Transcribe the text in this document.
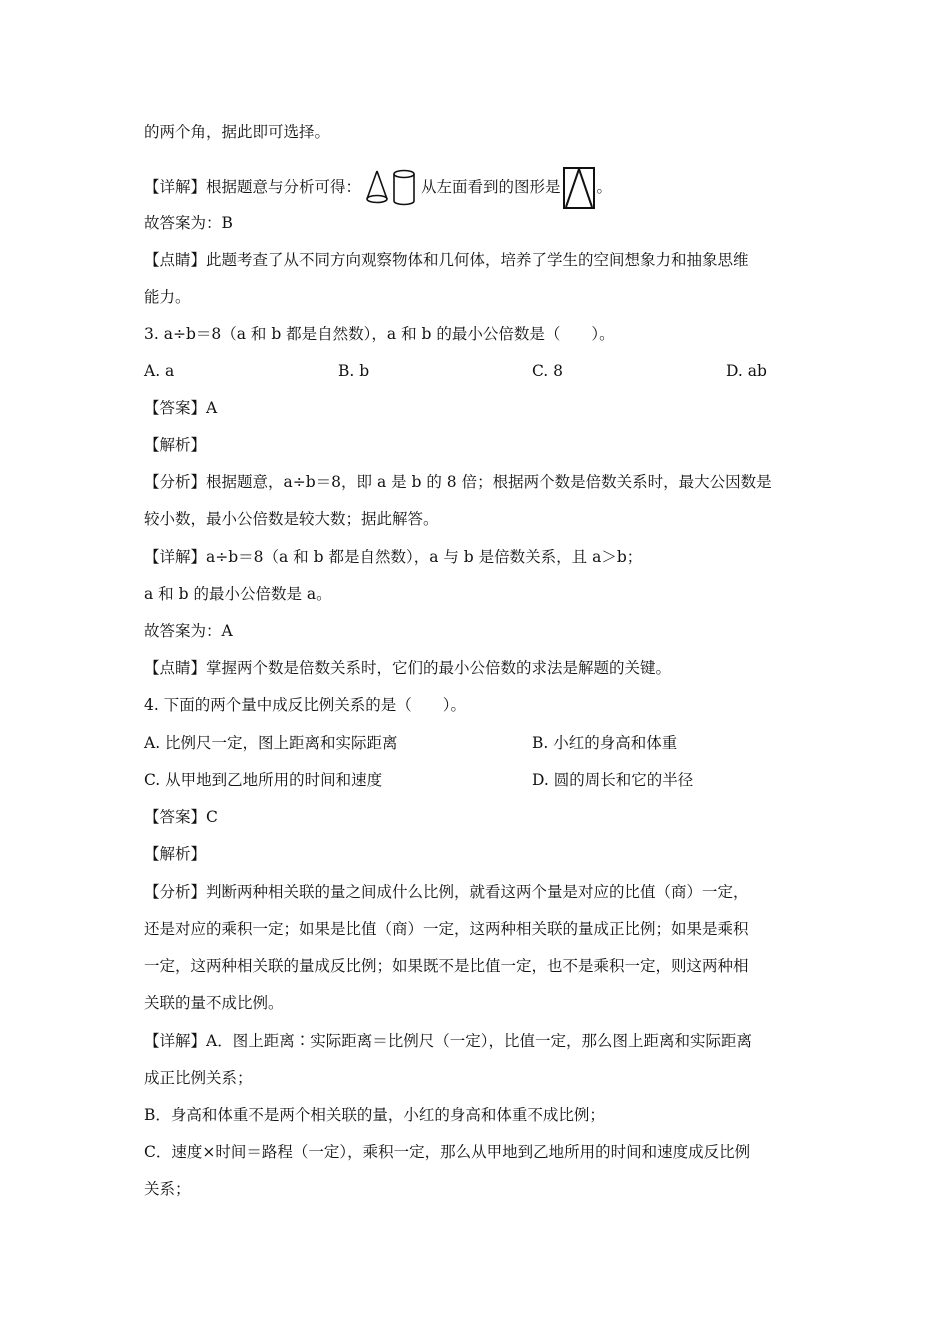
的两个角，据此即可选择。
【详解】根据题意与分析可得：	从左面看到的图形是 。
故答案为：B
【点睛】此题考查了从不同方向观察物体和几何体，培养了学生的空间想象力和抽象思维
能力。
3. a÷b＝8（a 和 b 都是自然数），a 和 b 的最小公倍数是（　　）。
A. a	B. b	C. 8	D. ab
【答案】A
【解析】
【分析】根据题意，a÷b＝8，即 a 是 b 的 8 倍；根据两个数是倍数关系时，最大公因数是
较小数，最小公倍数是较大数；据此解答。
【详解】a÷b＝8（a 和 b 都是自然数），a 与 b 是倍数关系，且 a＞b；
a 和 b 的最小公倍数是 a。
故答案为：A
【点睛】掌握两个数是倍数关系时，它们的最小公倍数的求法是解题的关键。
4. 下面的两个量中成反比例关系的是（　　）。
A. 比例尺一定，图上距离和实际距离	B. 小红的身高和体重
C. 从甲地到乙地所用的时间和速度	D. 圆的周长和它的半径
【答案】C
【解析】
【分析】判断两种相关联的量之间成什么比例，就看这两个量是对应的比值（商）一定，
还是对应的乘积一定；如果是比值（商）一定，这两种相关联的量成正比例；如果是乘积
一定，这两种相关联的量成反比例；如果既不是比值一定，也不是乘积一定，则这两种相
关联的量不成比例。
【详解】A．图上距离∶实际距离＝比例尺（一定），比值一定，那么图上距离和实际距离
成正比例关系；
B．身高和体重不是两个相关联的量，小红的身高和体重不成比例；
C．速度×时间＝路程（一定），乘积一定，那么从甲地到乙地所用的时间和速度成反比例
关系；
